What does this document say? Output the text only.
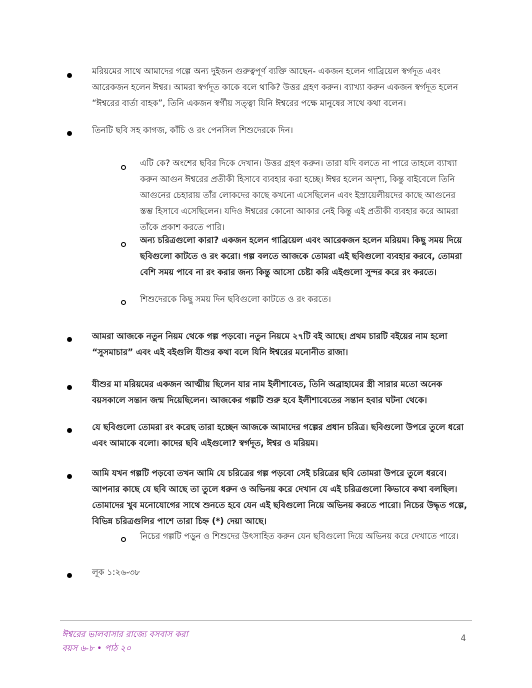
মরিয়মের সাথে আমাদের গল্পে অন্য দুইজন গুরুত্বপূর্ণ ব্যক্তি আছেন- একজন হলেন গাব্রিয়েল স্বর্গদূত এবং আরেকজন হলেন ঈশ্বর। আমরা স্বর্গদূত কাকে বলে থাকি? উত্তর গ্রহণ করুন। ব্যাখ্যা করুন একজন স্বর্গদূত হলেন “ঈশ্বরের বার্তা বাহক”, তিনি একজন স্বর্গীয় সত্ত্বা যিনি ঈশ্বরের পক্ষে মানুষের সাথে কথা বলেন।
তিনটি ছবি সহ কাগজ, কাঁচি ও রং পেনসিল শিশুদেরকে দিন।
এটি কে? অংশের ছবির দিকে দেখান। উত্তর গ্রহণ করুন। তারা যদি বলতে না পারে তাহলে ব্যাখ্যা করুন আগুন ঈশ্বরের প্রতীকী হিসাবে ব্যবহার করা হচ্ছে। ঈশ্বর হলেন অদৃশ্য, কিন্তু বাইবেলে তিনি আগুনের চেহারায় তাঁর লোকদের কাছে কখনো এসেছিলেন এবং ইস্রায়েলীয়দের কাছে আগুনের স্তম্ভ হিসাবে এসেছিলেন। যদিও ঈশ্বরের কোনো আকার নেই কিন্তু এই প্রতীকী ব্যবহার করে আমরা তাঁকে প্রকাশ করতে পারি।
অন্য চরিত্রগুলো কারা? একজন হলেন গাব্রিয়েল এবং আরেকজন হলেন মরিয়ম। কিছু সময় দিয়ে ছবিগুলো কাটতে ও রং করো। গল্প বলতে আজকে তোমরা এই ছবিগুলো ব্যবহার করবে, তোমরা বেশি সময় পাবে না রং করার জন্য কিন্তু আসো চেষ্টা করি এইগুলো সুন্দর করে রং করতে।
শিশুদেরকে কিছু সময় দিন ছবিগুলো কাটতে ও রং করতে।
আমরা আজকে নতুন নিয়ম থেকে গল্প পড়বো। নতুন নিয়মে ২৭টি বই আছে। প্রথম চারটি বইয়ের নাম হলো “সুসমাচার” এবং এই বইগুলি যীশুর কথা বলে যিনি ঈশ্বরের মনোনীত রাজা।
যীশুর মা মরিয়মের একজন আত্মীয় ছিলেন যার নাম ইলীশাবেত, তিনি অব্রাহামের স্ত্রী সারার মতো অনেক বয়সকালে সন্তান জন্ম দিয়েছিলেন। আজকের গল্পটি শুরু হবে ইলীশাবেতের সন্তান হবার ঘটনা থেকে।
যে ছবিগুলো তোমরা রং করেছ তারা হচ্ছেন আজকে আমাদের গল্পের প্রধান চরিত্র। ছবিগুলো উপরে তুলে ধরো এবং আমাকে বলো। কাদের ছবি এইগুলো? স্বর্গদূত, ঈশ্বর ও মরিয়ম।
আমি যখন গল্পটি পড়বো তখন আমি যে চরিত্রের গল্প পড়বো সেই চরিত্রের ছবি তোমরা উপরে তুলে ধরবে। আপনার কাছে যে ছবি আছে তা তুলে ধরুন ও অভিনয় করে দেখান যে এই চরিত্রগুলো কিভাবে কথা বলছিল। তোমাদের খুব মনোযোগের সাথে শুনতে হবে যেন এই ছবিগুলো নিয়ে অভিনয় করতে পারো। নিচের উদ্ধৃত গল্পে, বিভিন্ন চরিত্রগুলির পাশে তারা চিহ্ন (*) দেয়া আছে।
নিচের গল্পটি পড়ুন ও শিশুদের উৎসাহিত করুন যেন ছবিগুলো দিয়ে অভিনয় করে দেখাতে পারে।
লূক ১:২৬-৩৮
ঈশ্বরের ভালবাসার রাজ্যে বসবাস করা
বয়স ৬-৮ • পাঠ ২০
4
